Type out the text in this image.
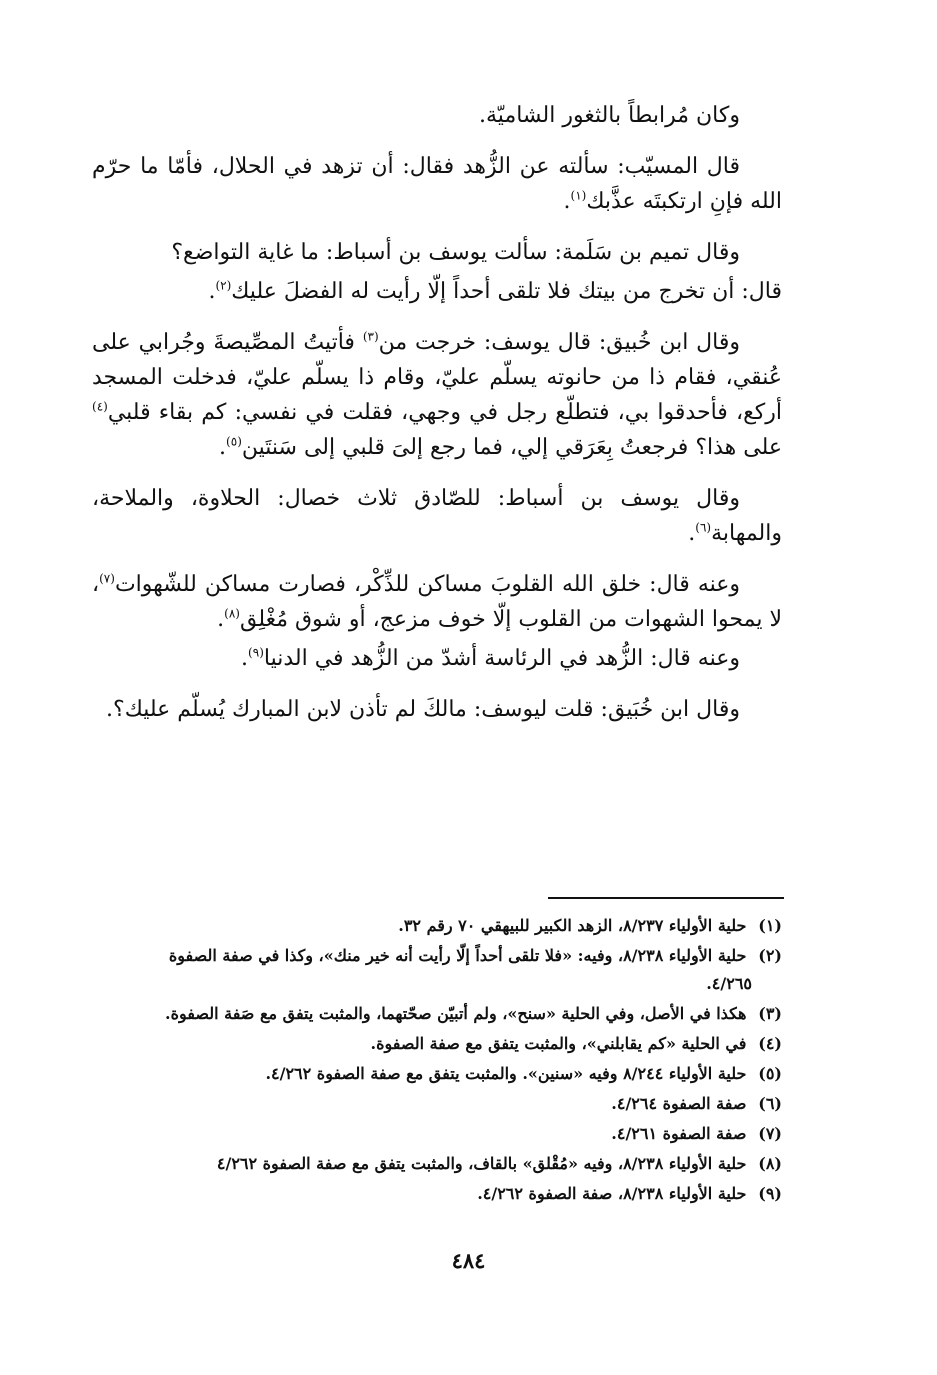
وكان مُرابطاً بالثغور الشاميّة.

قال المسيّب: سألته عن الزُّهد فقال: أن تزهد في الحلال، فأمّا ما حرّم الله فإنِ ارتكبتَه عذَّبك$^{(١)}$.

وقال تميم بن سَلَمة: سألت يوسف بن أسباط: ما غاية التواضع؟

قال: أن تخرج من بيتك فلا تلقى أحداً إلّا رأيت له الفضلَ عليك$^{(٢)}$.

وقال ابن خُبيق: قال يوسف: خرجت من$^{(٣)}$ فأتيتُ المصِّيصةَ وجُرابي على عُنقي، فقام ذا من حانوته يسلّم عليّ، وقام ذا يسلّم عليّ، فدخلت المسجد أركع، فأحدقوا بي، فتطلّع رجل في وجهي، فقلت في نفسي: كم بقاء قلبي$^{(٤)}$ على هذا؟ فرجعتُ بِعَرَقي إلي، فما رجع إلىَ قلبي إلى سَنتَين$^{(٥)}$.

وقال يوسف بن أسباط: للصّادق ثلاث خصال: الحلاوة، والملاحة، والمهابة$^{(٦)}$.

وعنه قال: خلق الله القلوبَ مساكن للذِّكْر، فصارت مساكن للشّهوات$^{(٧)}$، لا يمحوا الشهوات من القلوب إلّا خوف مزعج، أو شوق مُغْلِق$^{(٨)}$.

وعنه قال: الزُّهد في الرئاسة أشدّ من الزُّهد في الدنيا$^{(٩)}$.

وقال ابن خُبَيق: قلت ليوسف: مالكَ لم تأذن لابن المبارك يُسلّم عليك؟.

(١) حلية الأولياء ٨/٢٣٧، الزهد الكبير للبيهقي ٧٠ رقم ٣٢.
(٢) حلية الأولياء ٨/٢٣٨، وفيه: «فلا تلقى أحداً إلّا رأيت أنه خير منك»، وكذا في صفة الصفوة
٤/٢٦٥.
(٣) هكذا في الأصل، وفي الحلية «سنح»، ولم أتبيّن صحّتهما، والمثبت يتفق مع صَفة الصفوة.
(٤) في الحلية «كم يقابلني»، والمثبت يتفق مع صفة الصفوة.
(٥) حلية الأولياء ٨/٢٤٤ وفيه «سنين». والمثبت يتفق مع صفة الصفوة ٤/٢٦٢.
(٦) صفة الصفوة ٤/٢٦٤.
(٧) صفة الصفوة ٤/٢٦١.
(٨) حلية الأولياء ٨/٢٣٨، وفيه «مُقْلق» بالقاف، والمثبت يتفق مع صفة الصفوة ٤/٢٦٢
(٩) حلية الأولياء ٨/٢٣٨، صفة الصفوة ٤/٢٦٢.
٤٨٤
